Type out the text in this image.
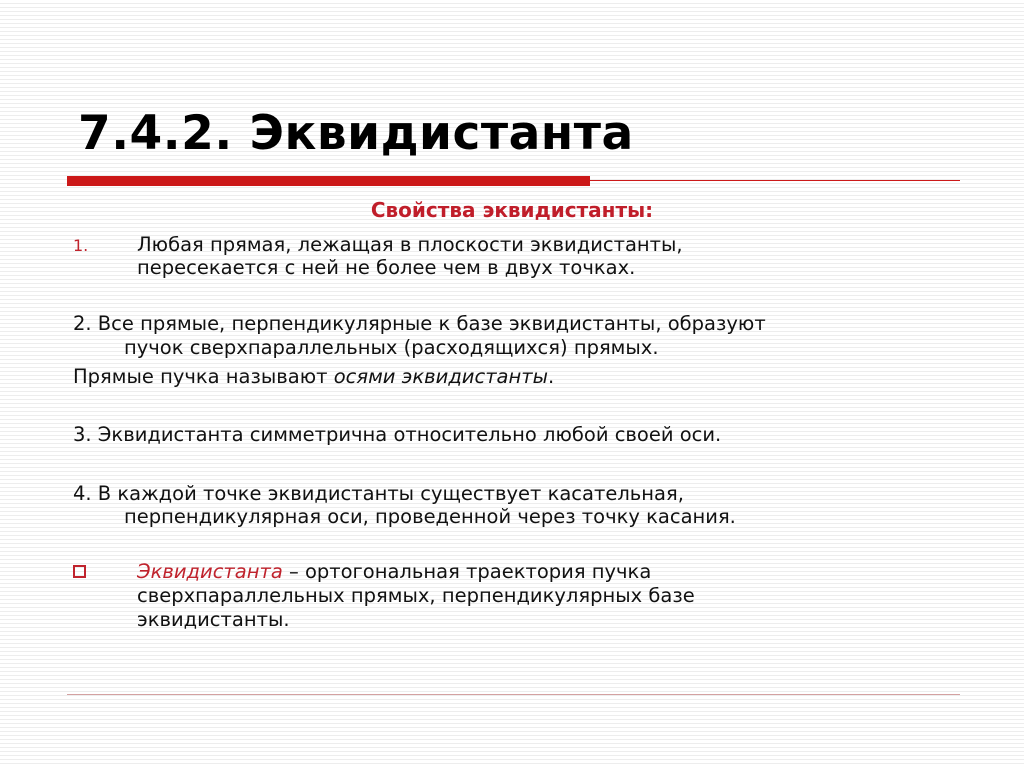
7.4.2. Эквидистанта
Свойства эквидистанты:
1. Любая прямая, лежащая в плоскости эквидистанты,
пересекается с ней не более чем в двух точках.
2. Все прямые, перпендикулярные к базе эквидистанты, образуют
пучок сверхпараллельных (расходящихся) прямых.
Прямые пучка называют осями эквидистанты.
3. Эквидистанта симметрична относительно любой своей оси.
4. В каждой точке эквидистанты существует касательная,
перпендикулярная оси, проведенной через точку касания.
Эквидистанта – ортогональная траектория пучка
сверхпараллельных прямых, перпендикулярных базе
эквидистанты.
